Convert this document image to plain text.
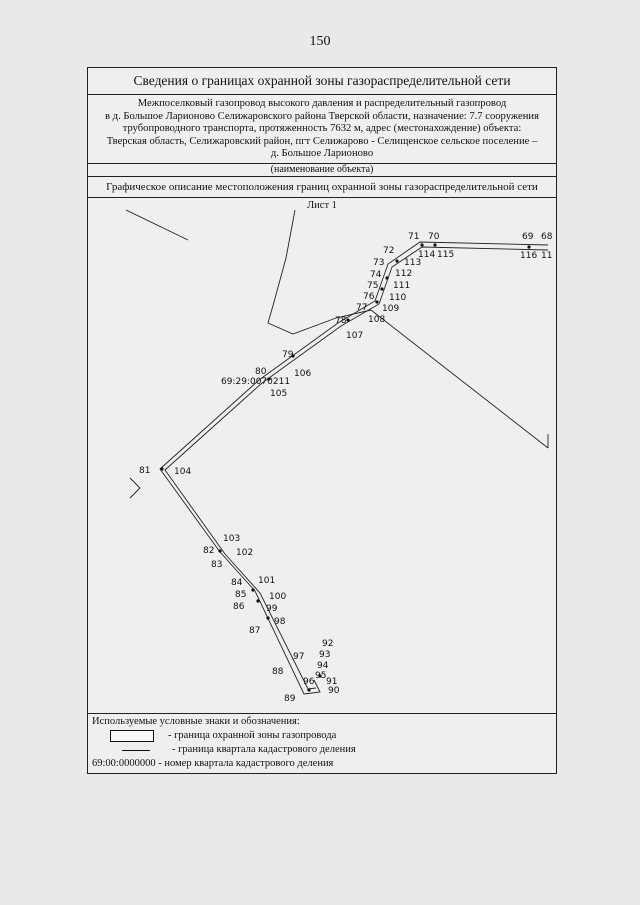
150
Сведения о границах охранной зоны газораспределительной сети
Межпоселковый газопровод высокого давления и распределительный газопровод
в д. Большое Ларионово Селижаровского района Тверской области, назначение: 7.7 сооружения
трубопроводного транспорта, протяженность 7632 м, адрес (местонахождение) объекта:
Тверская область, Селижаровский район, пгт Селижарово - Селищенское сельское поселение –
д. Большое Ларионово
(наименование объекта)
Графическое описание местоположения границ охранной зоны газораспределительной сети
Лист 1
71 70	69 68
72	114 115	116 11
73 113
74 112
75 111
76 110
77 109
78 108
107
79
106
80
105
81	104
103
82 102
83
84 101
85	100
86 99
98
87
92
93
97
94
88	95
96 91
90
89
69:29:0070211
Используемые условные знаки и обозначения:
- граница охранной зоны газопровода
- граница квартала кадастрового деления
69:00:0000000
- номер квартала кадастрового деления
